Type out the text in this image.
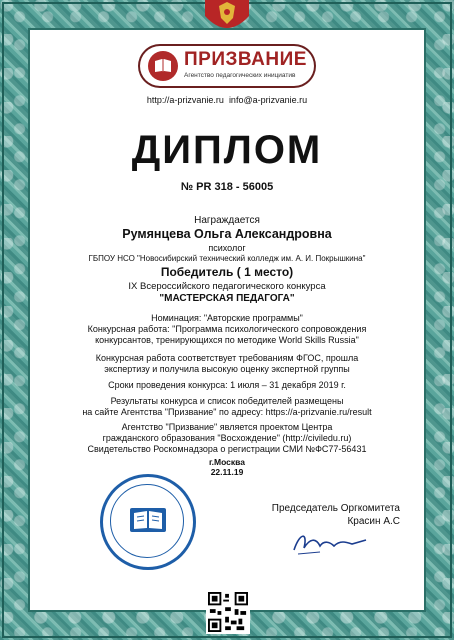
ПРИЗВАНИЕ
Агентство педагогических инициатив
http://a-prizvanie.ru info@a-prizvanie.ru
ДИПЛОМ
№ PR 318 - 56005
Награждается
Румянцева Ольга Александровна
психолог
ГБПОУ НСО "Новосибирский технический колледж им. А. И. Покрышкина"
Победитель ( 1 место)
IX Всероссийского педагогического конкурса
"МАСТЕРСКАЯ ПЕДАГОГА"
Номинация: "Авторские программы"
Конкурсная работа: "Программа психологического сопровождения
конкурсантов, тренирующихся по методике World Skills Russia"
Конкурсная работа соответствует требованиям ФГОС, прошла
экспертизу и получила высокую оценку экспертной группы
Сроки проведения конкурса: 1 июля – 31 декабря 2019 г.
Результаты конкурса и список победителей размещены
на сайте Агентства "Призвание" по адресу: https://a-prizvanie.ru/result
Агентство "Призвание" является проектом Центра
гражданского образования "Восхождение" (http://civiledu.ru)
Свидетельство Роскомнадзора о регистрации СМИ №ФС77-56431
г.Москва
22.11.19
Председатель Оргкомитета
Красин А.С
